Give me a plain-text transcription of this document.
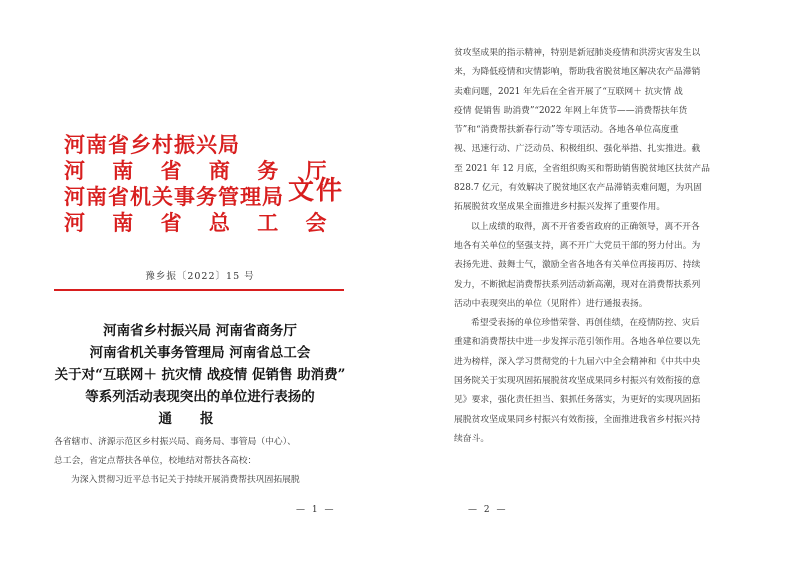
河南省乡村振兴局
河 南 省 商 务 厅
河南省机关事务管理局
河 南 省 总 工 会
文件
豫乡振〔2022〕15 号
河南省乡村振兴局 河南省商务厅
河南省机关事务管理局 河南省总工会
关于对“互联网＋ 抗灾情 战疫情 促销售 助消费”
等系列活动表现突出的单位进行表扬的
通报
各省辖市、济源示范区乡村振兴局、商务局、事管局（中心）、
总工会，省定点帮扶各单位，校地结对帮扶各高校：
为深入贯彻习近平总书记关于持续开展消费帮扶巩固拓展脱
— 1 —
贫攻坚成果的指示精神，特别是新冠肺炎疫情和洪涝灾害发生以
来，为降低疫情和灾情影响，帮助我省脱贫地区解决农产品滞销
卖难问题，2021 年先后在全省开展了“互联网＋ 抗灾情 战
疫情 促销售 助消费”“2022 年网上年货节——消费帮扶年货
节”和“消费帮扶新春行动”等专项活动。各地各单位高度重
视、迅速行动、广泛动员、积极组织、强化举措、扎实推进。截
至 2021 年 12 月底，全省组织购买和帮助销售脱贫地区扶贫产品
828.7 亿元，有效解决了脱贫地区农产品滞销卖难问题，为巩固
拓展脱贫攻坚成果全面推进乡村振兴发挥了重要作用。
以上成绩的取得，离不开省委省政府的正确领导，离不开各
地各有关单位的坚强支持，离不开广大党员干部的努力付出。为
表扬先进、鼓舞士气，激励全省各地各有关单位再接再厉、持续
发力，不断掀起消费帮扶系列活动新高潮，现对在消费帮扶系列
活动中表现突出的单位（见附件）进行通报表扬。
希望受表扬的单位珍惜荣誉、再创佳绩，在疫情防控、灾后
重建和消费帮扶中进一步发挥示范引领作用。各地各单位要以先
进为榜样，深入学习贯彻党的十九届六中全会精神和《中共中央
国务院关于实现巩固拓展脱贫攻坚成果同乡村振兴有效衔接的意
见》要求，强化责任担当、狠抓任务落实，为更好的实现巩固拓
展脱贫攻坚成果同乡村振兴有效衔接，全面推进我省乡村振兴持
续奋斗。
— 2 —
